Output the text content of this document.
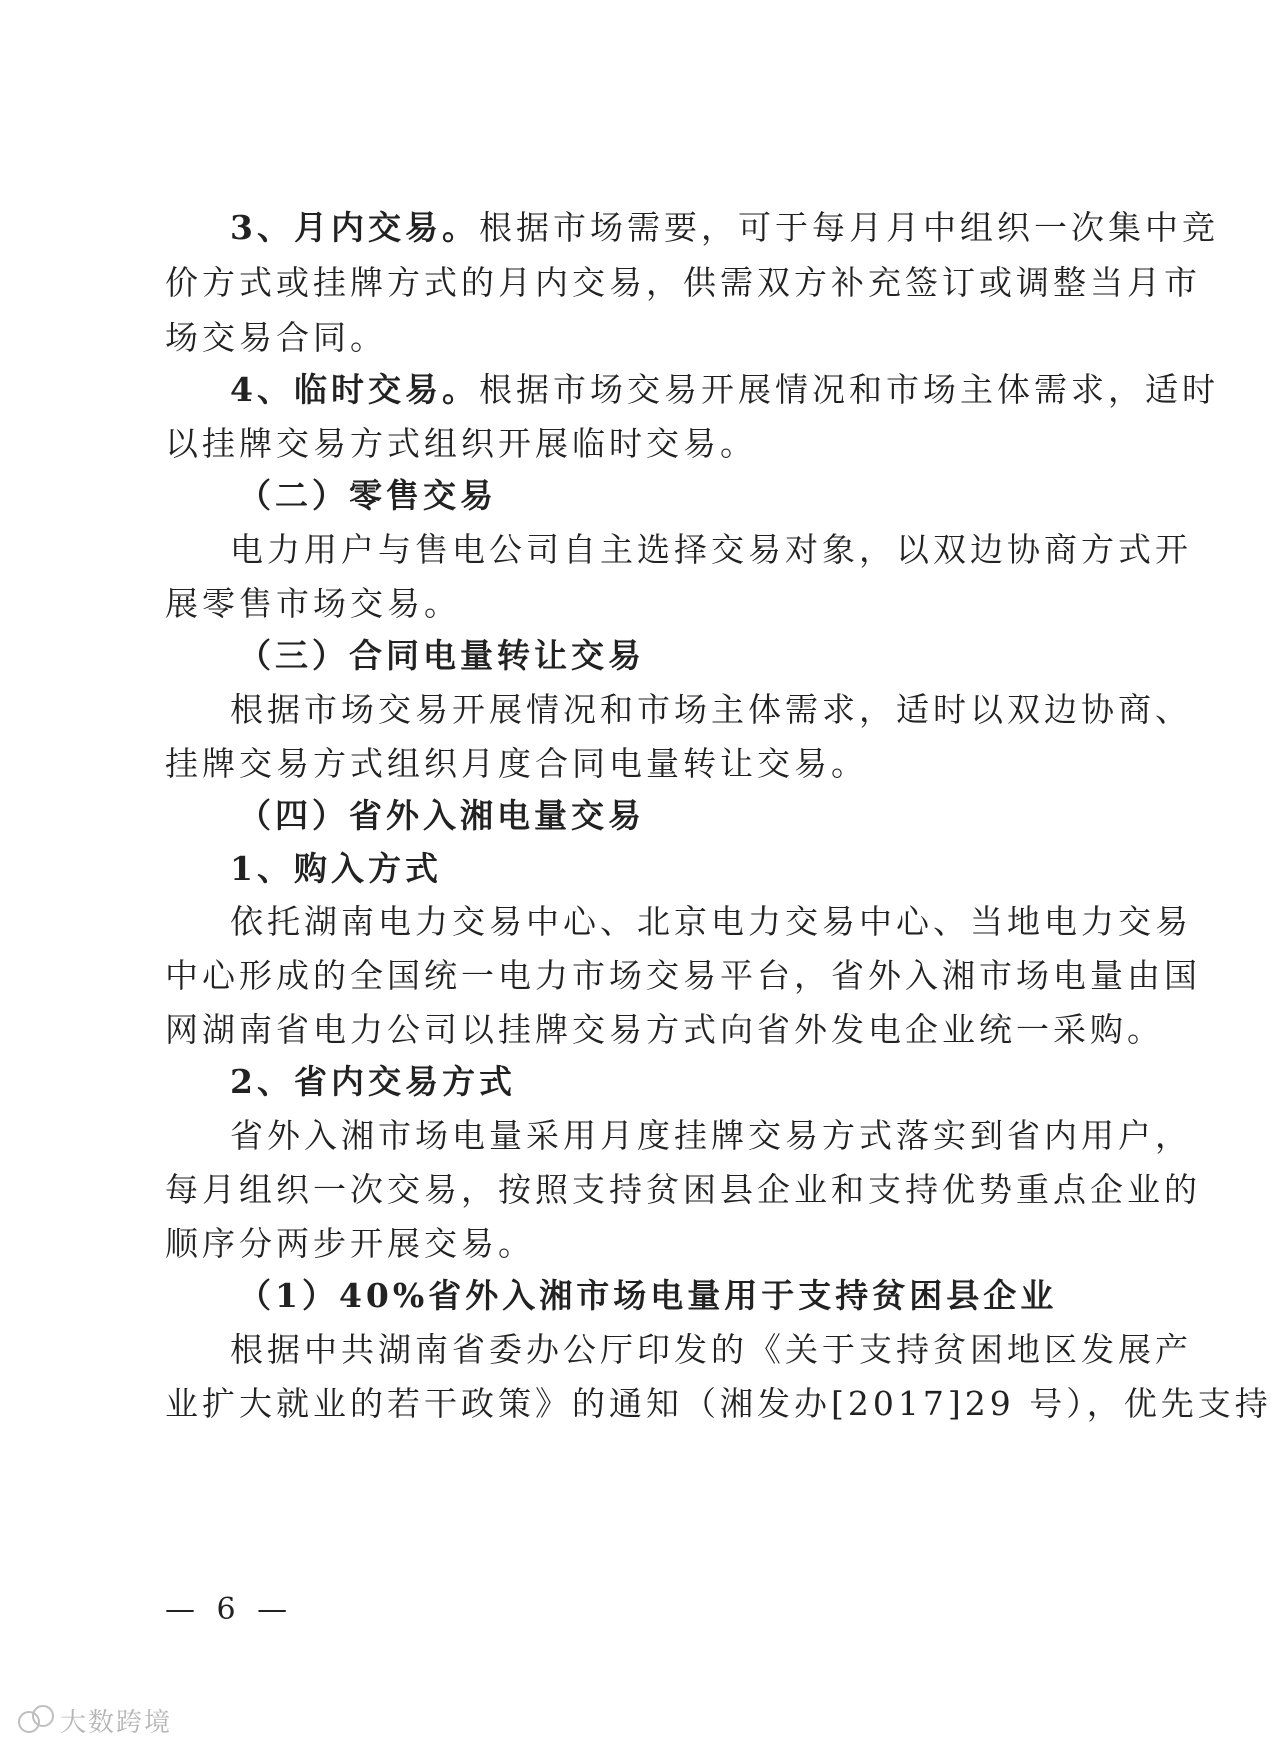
3、月内交易。根据市场需要，可于每月月中组织一次集中竞
价方式或挂牌方式的月内交易，供需双方补充签订或调整当月市
场交易合同。
4、临时交易。根据市场交易开展情况和市场主体需求，适时
以挂牌交易方式组织开展临时交易。
（二）零售交易
电力用户与售电公司自主选择交易对象，以双边协商方式开
展零售市场交易。
（三）合同电量转让交易
根据市场交易开展情况和市场主体需求，适时以双边协商、
挂牌交易方式组织月度合同电量转让交易。
（四）省外入湘电量交易
1、购入方式
依托湖南电力交易中心、北京电力交易中心、当地电力交易
中心形成的全国统一电力市场交易平台，省外入湘市场电量由国
网湖南省电力公司以挂牌交易方式向省外发电企业统一采购。
2、省内交易方式
省外入湘市场电量采用月度挂牌交易方式落实到省内用户，
每月组织一次交易，按照支持贫困县企业和支持优势重点企业的
顺序分两步开展交易。
（1）40%省外入湘市场电量用于支持贫困县企业
根据中共湖南省委办公厅印发的《关于支持贫困地区发展产
业扩大就业的若干政策》的通知（湘发办[2017]29 号），优先支持
— 6 —
大数跨境
